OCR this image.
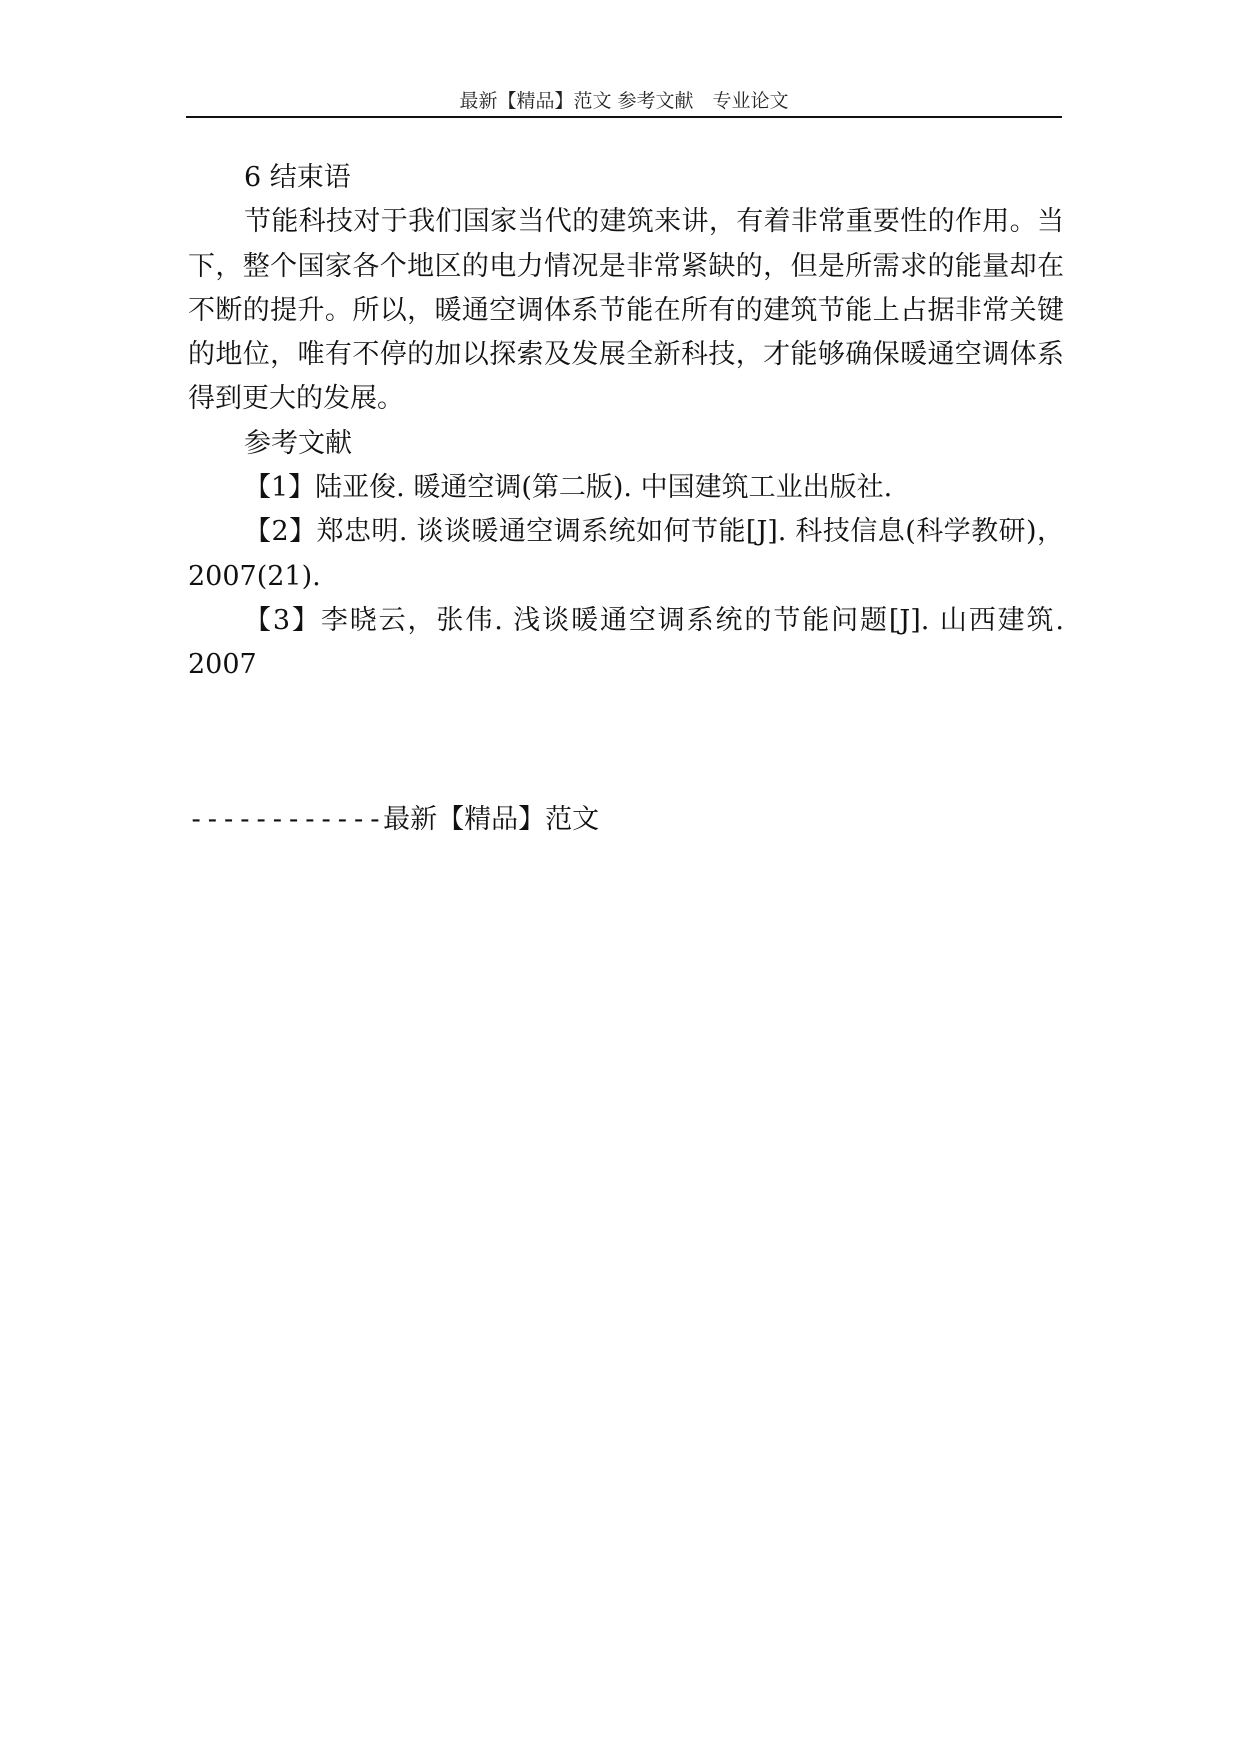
最新【精品】范文 参考文献　专业论文

6 结束语

节能科技对于我们国家当代的建筑来讲，有着非常重要性的作用。当下，整个国家各个地区的电力情况是非常紧缺的，但是所需求的能量却在不断的提升。所以，暖通空调体系节能在所有的建筑节能上占据非常关键的地位，唯有不停的加以探索及发展全新科技，才能够确保暖通空调体系得到更大的发展。

参考文献

【1】陆亚俊. 暖通空调(第二版). 中国建筑工业出版社.

【2】郑忠明. 谈谈暖通空调系统如何节能[J]. 科技信息(科学教研)，2007(21).

【3】李晓云，张伟. 浅谈暖通空调系统的节能问题[J]. 山西建筑. 2007

------------最新【精品】范文
